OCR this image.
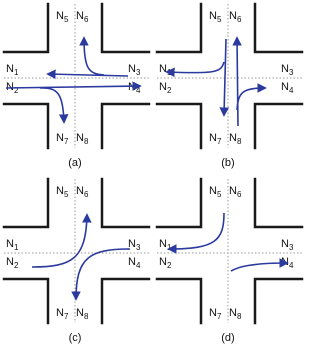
$N_1$
$N_2$
$N_3$
$N_4$
$N_5$ $N_6$
$N_7$ $N_8$
(a)
$N_1$
$N_2$
$N_3$
$N_4$
$N_5$ $N_6$
$N_7$ $N_8$
(b)
$N_1$
$N_2$
$N_3$
$N_4$
$N_5$ $N_6$
$N_7$ $N_8$
(c)
$N_1$
$N_2$
$N_3$
$N_4$
$N_5$ $N_6$
$N_7$ $N_8$
(d)
